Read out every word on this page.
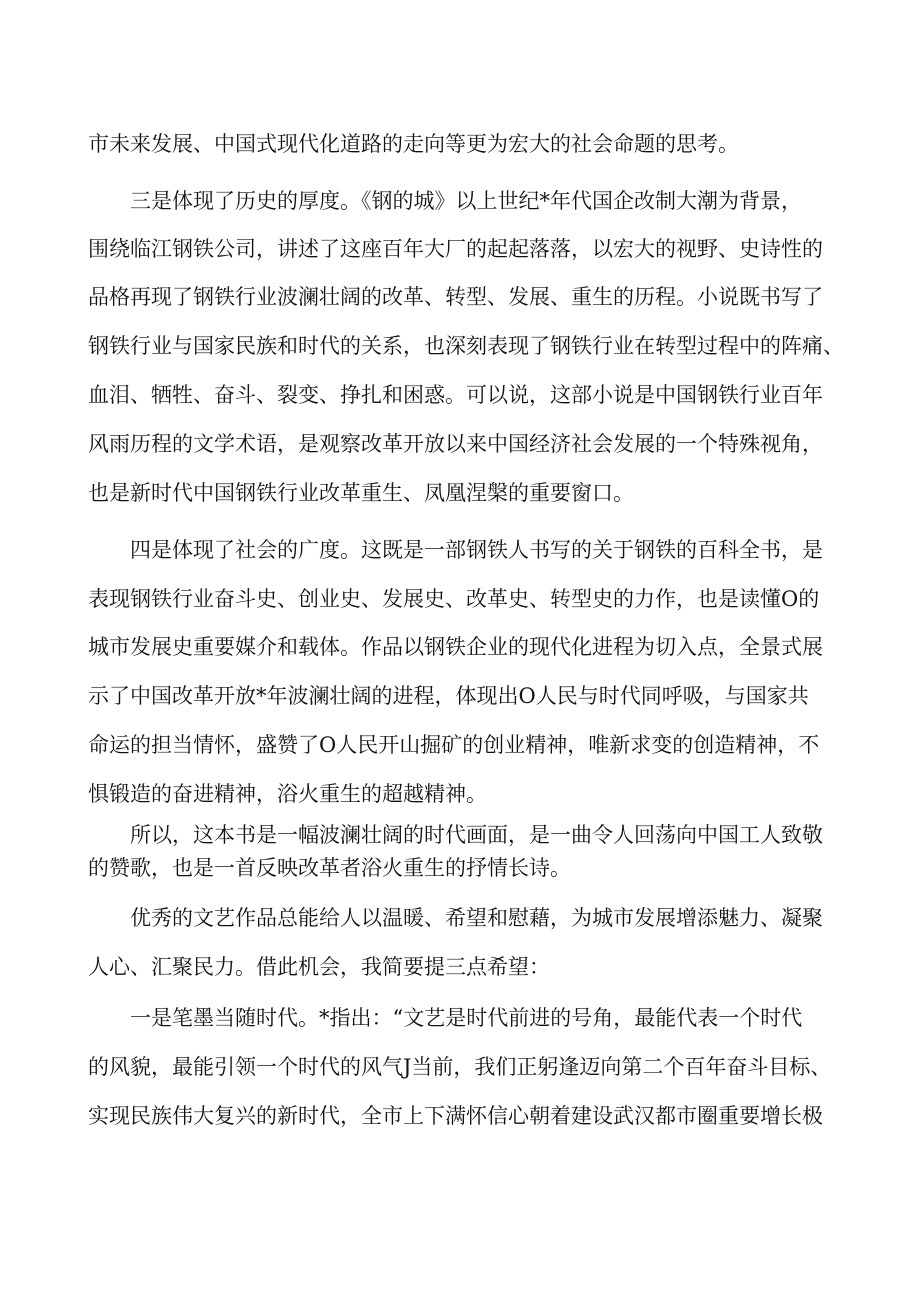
市未来发展、中国式现代化道路的走向等更为宏大的社会命题的思考。
三是体现了历史的厚度。《钢的城》以上世纪*年代国企改制大潮为背景，
围绕临江钢铁公司，讲述了这座百年大厂的起起落落，以宏大的视野、史诗性的
品格再现了钢铁行业波澜壮阔的改革、转型、发展、重生的历程。小说既书写了
钢铁行业与国家民族和时代的关系，也深刻表现了钢铁行业在转型过程中的阵痛、
血泪、牺牲、奋斗、裂变、挣扎和困惑。可以说，这部小说是中国钢铁行业百年
风雨历程的文学术语，是观察改革开放以来中国经济社会发展的一个特殊视角，
也是新时代中国钢铁行业改革重生、凤凰涅槃的重要窗口。
四是体现了社会的广度。这既是一部钢铁人书写的关于钢铁的百科全书，是
表现钢铁行业奋斗史、创业史、发展史、改革史、转型史的力作，也是读懂O的
城市发展史重要媒介和载体。作品以钢铁企业的现代化进程为切入点，全景式展
示了中国改革开放*年波澜壮阔的进程，体现出O人民与时代同呼吸，与国家共
命运的担当情怀，盛赞了O人民开山掘矿的创业精神，唯新求变的创造精神，不
惧锻造的奋进精神，浴火重生的超越精神。
所以，这本书是一幅波澜壮阔的时代画面，是一曲令人回荡向中国工人致敬
的赞歌，也是一首反映改革者浴火重生的抒情长诗。
优秀的文艺作品总能给人以温暖、希望和慰藉，为城市发展增添魅力、凝聚
人心、汇聚民力。借此机会，我简要提三点希望：
一是笔墨当随时代。*指出：“文艺是时代前进的号角，最能代表一个时代
的风貌，最能引领一个时代的风气J当前，我们正躬逢迈向第二个百年奋斗目标、
实现民族伟大复兴的新时代，全市上下满怀信心朝着建设武汉都市圈重要增长极
